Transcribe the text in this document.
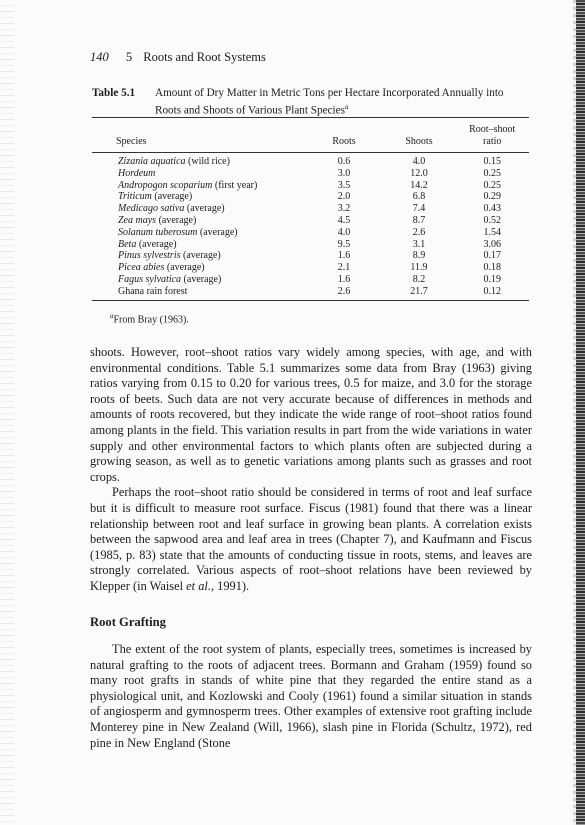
140 5 Roots and Root Systems
Table 5.1	Amount of Dry Matter in Metric Tons per Hectare Incorporated Annually into Roots and Shoots of Various Plant Species$^a$
Species	Roots	Shoots	Root–shoot
ratio

Zizania aquatica (wild rice)	0.6	4.0	0.15
Hordeum	3.0	12.0	0.25
Andropogon scoparium (first year)	3.5	14.2	0.25
Triticum (average)	2.0	6.8	0.29
Medicago sativa (average)	3.2	7.4	0.43
Zea mays (average)	4.5	8.7	0.52
Solanum tuberosum (average)	4.0	2.6	1.54
Beta (average)	9.5	3.1	3.06
Pinus sylvestris (average)	1.6	8.9	0.17
Picea abies (average)	2.1	11.9	0.18
Fagus sylvatica (average)	1.6	8.2	0.19
Ghana rain forest	2.6	21.7	0.12
$^a$From Bray (1963).

shoots. However, root–shoot ratios vary widely among species, with age, and with environmental conditions. Table 5.1 summarizes some data from Bray (1963) giving ratios varying from 0.15 to 0.20 for various trees, 0.5 for maize, and 3.0 for the storage roots of beets. Such data are not very accurate because of differences in methods and amounts of roots recovered, but they indicate the wide range of root–shoot ratios found among plants in the field. This variation results in part from the wide variations in water supply and other environmental factors to which plants often are subjected during a growing season, as well as to genetic variations among plants such as grasses and root crops.

Perhaps the root–shoot ratio should be considered in terms of root and leaf surface but it is difficult to measure root surface. Fiscus (1981) found that there was a linear relationship between root and leaf surface in growing bean plants. A correlation exists between the sapwood area and leaf area in trees (Chapter 7), and Kaufmann and Fiscus (1985, p. 83) state that the amounts of conducting tissue in roots, stems, and leaves are strongly correlated. Various aspects of root–shoot relations have been reviewed by Klepper (in Waisel et al., 1991).

Root Grafting

The extent of the root system of plants, especially trees, sometimes is increased by natural grafting to the roots of adjacent trees. Bormann and Graham (1959) found so many root grafts in stands of white pine that they regarded the entire stand as a physiological unit, and Kozlowski and Cooly (1961) found a similar situation in stands of angiosperm and gymnosperm trees. Other examples of extensive root grafting include Monterey pine in New Zealand (Will, 1966), slash pine in Florida (Schultz, 1972), red pine in New England (Stone
